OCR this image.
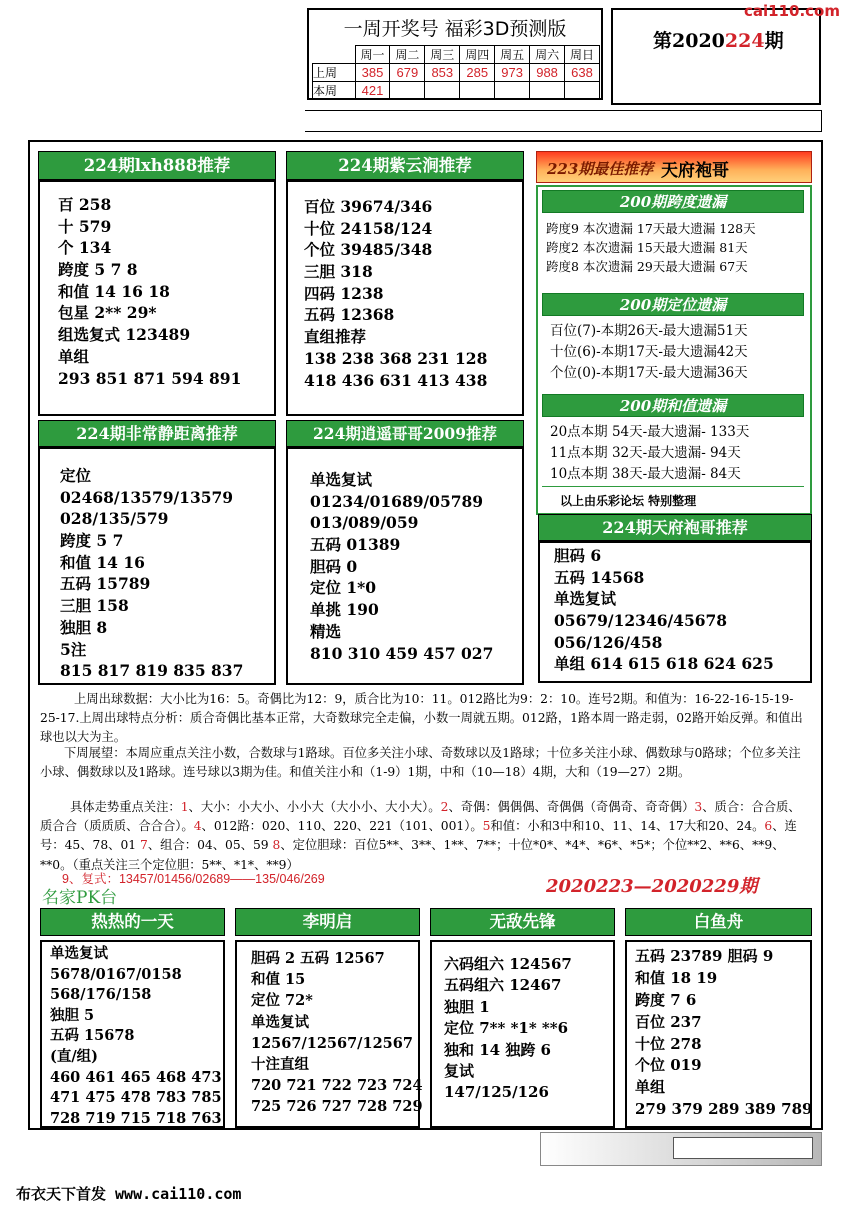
一周开奖号 福彩3D预测版
	周一	周二	周三	周四	周五	周六	周日
上周	385	679	853	285	973	988	638
本周	421						
第2020224期
cai110.com
224期lxh888推荐
百 258
十 579
个 134
跨度 5 7 8
和值 14 16 18
包星 2** 29*
组选复式 123489
单组
293 851 871 594 891
224期紫云涧推荐
百位 39674/346
十位 24158/124
个位 39485/348
三胆 318
四码 1238
五码 12368
直组推荐
138 238 368 231 128
418 436 631 413 438
224期非常静距离推荐
定位
02468/13579/13579
028/135/579
跨度 5 7
和值 14 16
五码 15789
三胆 158
独胆 8
5注
815 817 819 835 837
224期逍遥哥哥2009推荐
单选复试
01234/01689/05789
013/089/059
五码 01389
胆码 0
定位 1*0
单挑 190
精选
810 310 459 457 027
223期最佳推荐 天府袍哥
200期跨度遗漏
跨度9 本次遗漏 17天最大遗漏 128天
跨度2 本次遗漏 15天最大遗漏 81天
跨度8 本次遗漏 29天最大遗漏 67天
200期定位遗漏
百位(7)-本期26天-最大遗漏51天
十位(6)-本期17天-最大遗漏42天
个位(0)-本期17天-最大遗漏36天
200期和值遗漏
20点本期 54天-最大遗漏- 133天
11点本期 32天-最大遗漏- 94天
10点本期 38天-最大遗漏- 84天
以上由乐彩论坛 特别整理
224期天府袍哥推荐
胆码 6
五码 14568
单选复试
05679/12346/45678
056/126/458
单组 614 615 618 624 625
上周出球数据：大小比为16：5。奇偶比为12：9，质合比为10：11。012路比为9：2：10。连号2期。和值为：16-22-16-15-19-25-17.上周出球特点分析：质合奇偶比基本正常，大奇数球完全走偏，小数一周就五期。012路，1路本周一路走弱，02路开始反弹。和值出球也以大为主。
下周展望：本周应重点关注小数，合数球与1路球。百位多关注小球、奇数球以及1路球；十位多关注小球、偶数球与0路球；个位多关注小球、偶数球以及1路球。连号球以3期为佳。和值关注小和（1-9）1期，中和（10—18）4期，大和（19—27）2期。
具体走势重点关注：1、大小：小大小、小小大（大小小、大小大）。2、奇偶：偶偶偶、奇偶偶（奇偶奇、奇奇偶）3、质合：合合质、质合合（质质质、合合合）。4、012路：020、110、220、221（101、001）。5和值：小和3中和10、11、14、17大和20、24。6、连号：45、78、01 7、组合：04、05、59 8、定位胆球：百位5**、3**、1**、7**；十位*0*、*4*、*6*、*5*；个位**2、**6、**9、**0。（重点关注三个定位胆：5**、*1*、**9）
9、复式：13457/01456/02689——135/046/269
名家PK台
2020223—2020229期
热热的一天
单选复试
5678/0167/0158
568/176/158
独胆 5
五码 15678
(直/组)
460 461 465 468 473
471 475 478 783 785
728 719 715 718 763
李明启
胆码 2 五码 12567
和值 15
定位 72*
单选复试
12567/12567/12567
十注直组
720 721 722 723 724
725 726 727 728 729
无敌先锋
六码组六 124567
五码组六 12467
独胆 1
定位 7** *1* **6
独和 14 独跨 6
复试
147/125/126
白鱼舟
五码 23789 胆码 9
和值 18 19
跨度 7 6
百位 237
十位 278
个位 019
单组
279 379 289 389 789
布衣天下首发 www.cai110.com
